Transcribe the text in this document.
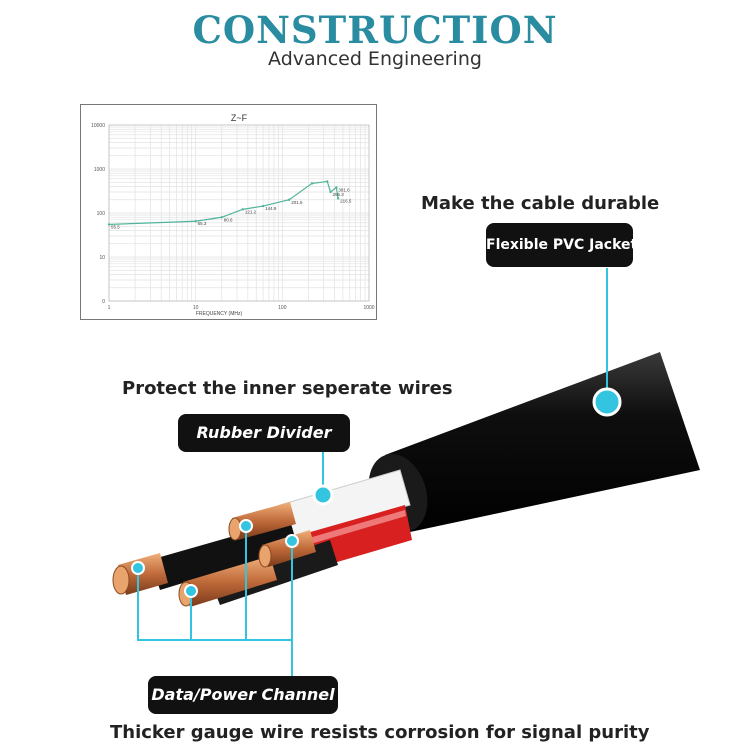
CONSTRUCTION
Advanced Engineering
Z~F
1	10	100	1000
10000
1000
100
10
0
FREQUENCY (MHz)
55.5
65.3
80.6
121.2
144.9
201.5
255.3
381.6
216.5	Make the cable durable
Flexible PVC Jacket
Protect the inner seperate wires
Rubber Divider
Data/Power Channel
Thicker gauge wire resists corrosion for signal purity
